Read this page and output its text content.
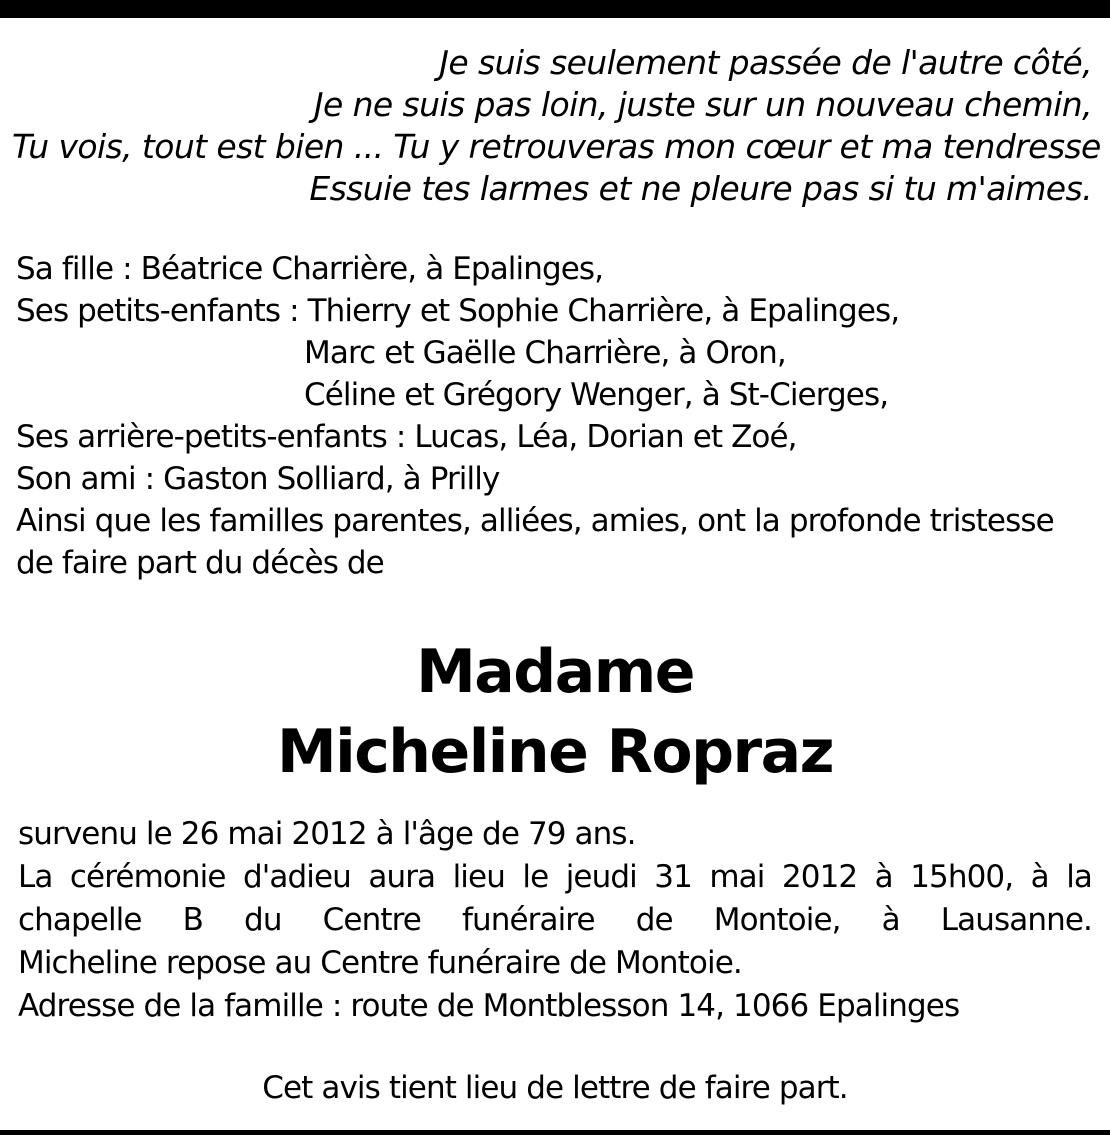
Je suis seulement passée de l'autre côté,
Je ne suis pas loin, juste sur un nouveau chemin,
Tu vois, tout est bien ... Tu y retrouveras mon cœur et ma tendresse
Essuie tes larmes et ne pleure pas si tu m'aimes.
Sa fille : Béatrice Charrière, à Epalinges,
Ses petits-enfants : Thierry et Sophie Charrière, à Epalinges,
Marc et Gaëlle Charrière, à Oron,
Céline et Grégory Wenger, à St-Cierges,
Ses arrière-petits-enfants : Lucas, Léa, Dorian et Zoé,
Son ami : Gaston Solliard, à Prilly
Ainsi que les familles parentes, alliées, amies, ont la profonde tristesse
de faire part du décès de
Madame
Micheline Ropraz
survenu le 26 mai 2012 à l'âge de 79 ans.
La cérémonie d'adieu aura lieu le jeudi 31 mai 2012 à 15h00, à la
chapelle B du Centre funéraire de Montoie, à Lausanne.
Micheline repose au Centre funéraire de Montoie.
Adresse de la famille : route de Montblesson 14, 1066 Epalinges
Cet avis tient lieu de lettre de faire part.
